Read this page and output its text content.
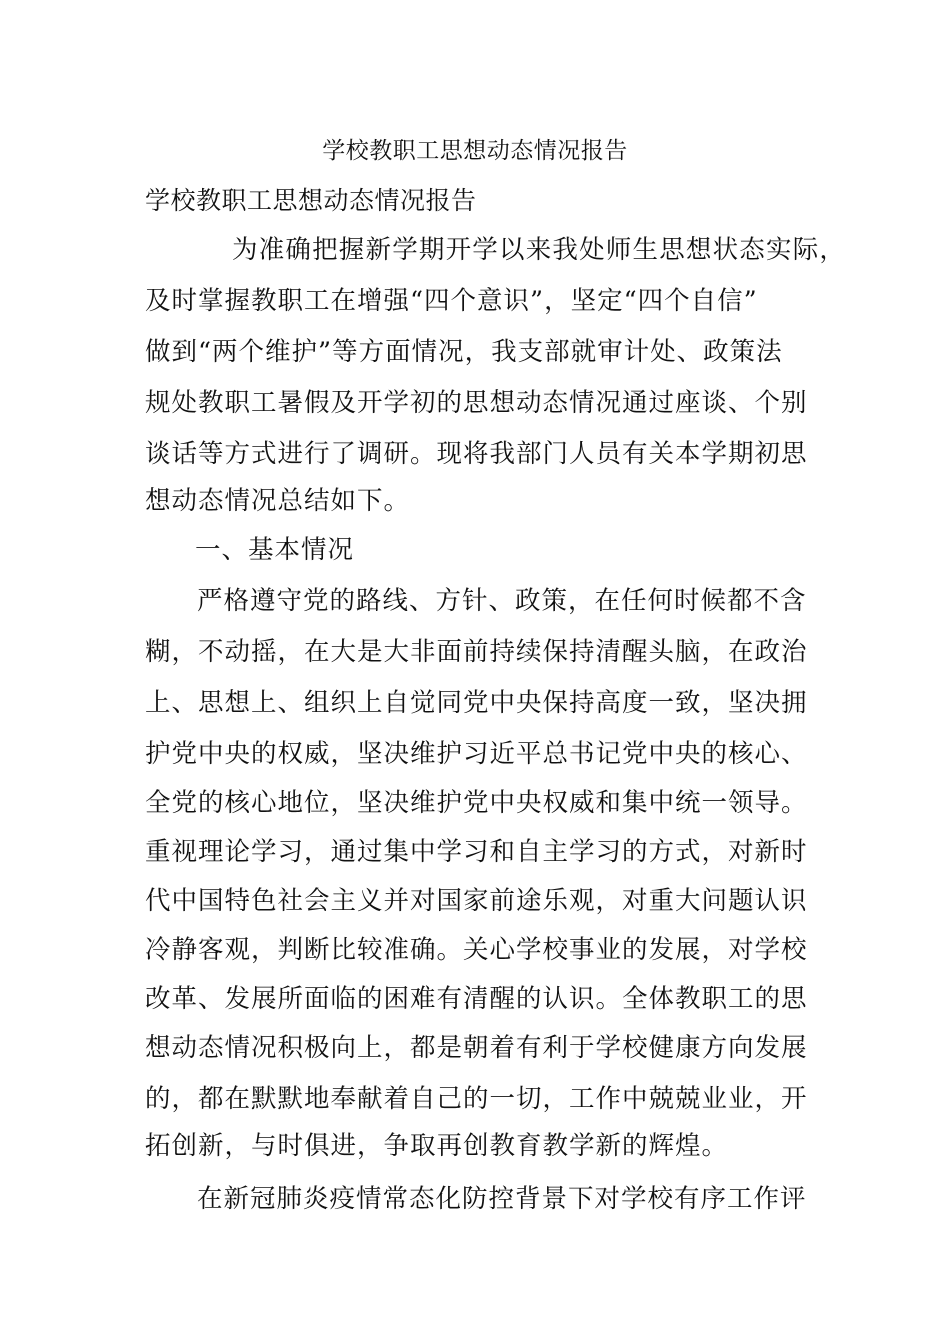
学校教职工思想动态情况报告
学校教职工思想动态情况报告
为准确把握新学期开学以来我处师生思想状态实际，
及时掌握教职工在增强“四个意识”，坚定“四个自信”
做到“两个维护”等方面情况，我支部就审计处、政策法
规处教职工暑假及开学初的思想动态情况通过座谈、个别
谈话等方式进行了调研。现将我部门人员有关本学期初思
想动态情况总结如下。
一、基本情况
严格遵守党的路线、方针、政策，在任何时候都不含
糊，不动摇，在大是大非面前持续保持清醒头脑，在政治
上、思想上、组织上自觉同党中央保持高度一致，坚决拥
护党中央的权威，坚决维护习近平总书记党中央的核心、
全党的核心地位，坚决维护党中央权威和集中统一领导。
重视理论学习，通过集中学习和自主学习的方式，对新时
代中国特色社会主义并对国家前途乐观，对重大问题认识
冷静客观，判断比较准确。关心学校事业的发展，对学校
改革、发展所面临的困难有清醒的认识。全体教职工的思
想动态情况积极向上，都是朝着有利于学校健康方向发展
的，都在默默地奉献着自己的一切，工作中兢兢业业，开
拓创新，与时俱进，争取再创教育教学新的辉煌。
在新冠肺炎疫情常态化防控背景下对学校有序工作评
